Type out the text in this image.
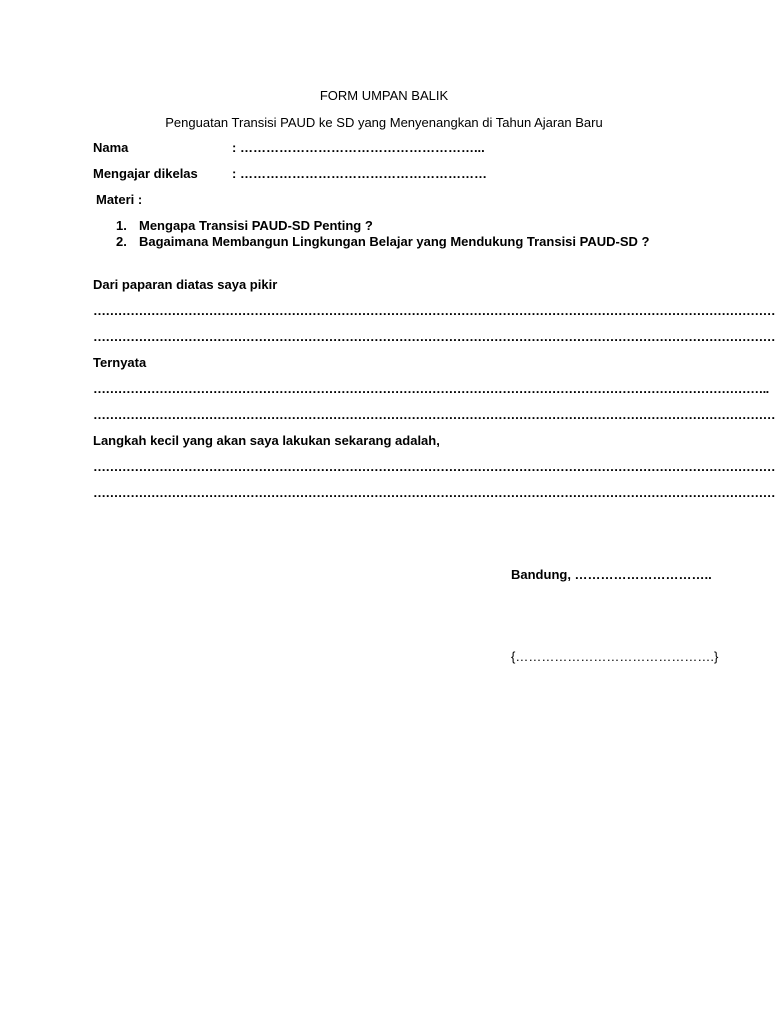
FORM UMPAN BALIK
Penguatan Transisi PAUD ke SD yang Menyenangkan di Tahun Ajaran Baru
Nama	: ………………………………………………...
Mengajar dikelas	: …………………………………………………
Materi :
1. Mengapa Transisi PAUD-SD Penting ?
2. Bagaimana Membangun Lingkungan Belajar yang Mendukung Transisi PAUD-SD ?
Dari paparan diatas saya pikir
…………………………………………………………………………………………………………………………………………………
…………………………………………………………………………………………………………………………………………………
Ternyata
………………………………………………………………………………………………………………………………………………..
…………………………………………………………………………………………………………………………………………………
Langkah kecil yang akan saya lakukan sekarang adalah,
…………………………………………………………………………………………………………………………………………………
…………………………………………………………………………………………………………………………………………………
Bandung, …………………………..
{……………………………………….}
